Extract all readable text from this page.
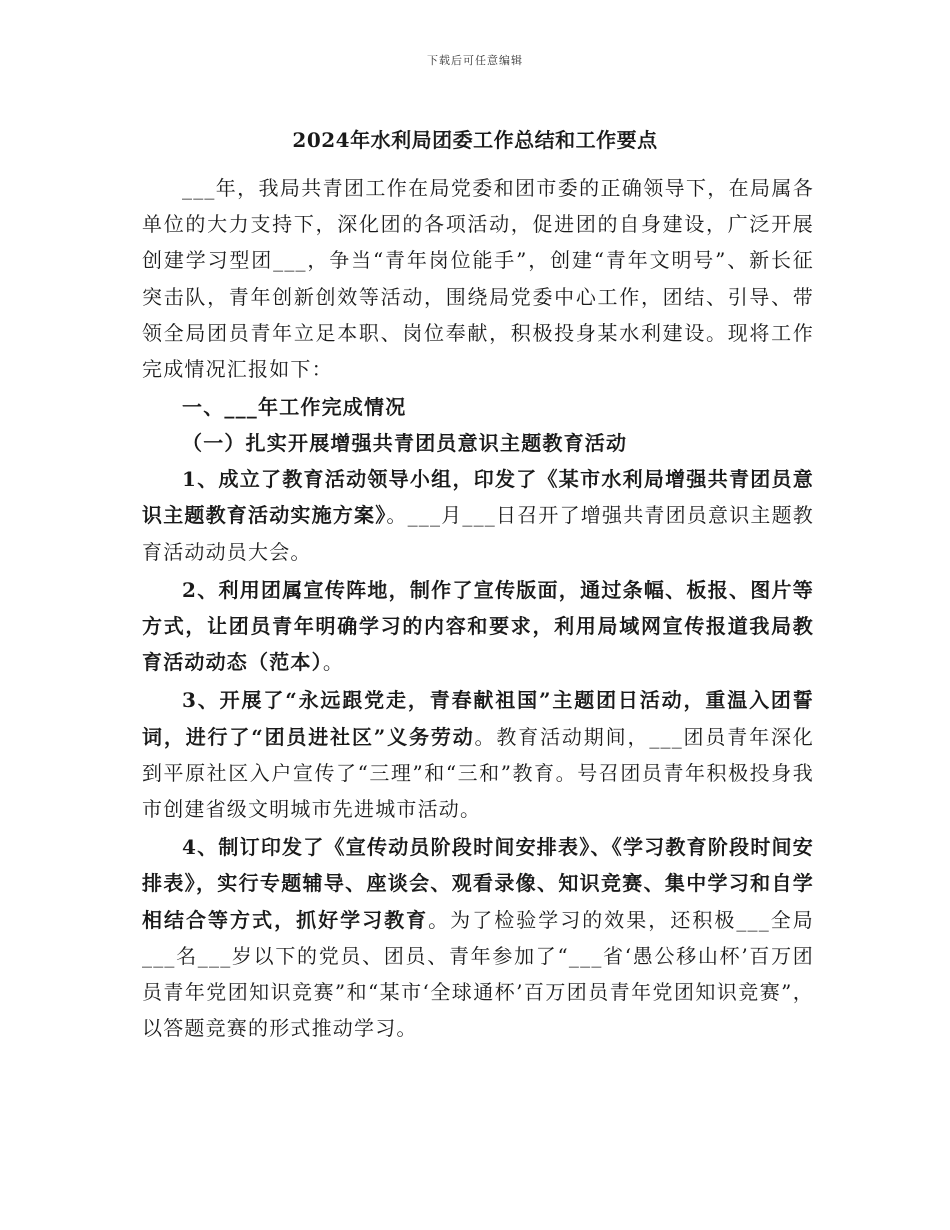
下载后可任意编辑
2024年水利局团委工作总结和工作要点

___年，我局共青团工作在局党委和团市委的正确领导下，在局属各单位的大力支持下，深化团的各项活动，促进团的自身建设，广泛开展创建学习型团___，争当“青年岗位能手”，创建“青年文明号”、新长征突击队，青年创新创效等活动，围绕局党委中心工作，团结、引导、带领全局团员青年立足本职、岗位奉献，积极投身某水利建设。现将工作完成情况汇报如下：

一、___年工作完成情况

（一）扎实开展增强共青团员意识主题教育活动

1、成立了教育活动领导小组，印发了《某市水利局增强共青团员意识主题教育活动实施方案》。___月___日召开了增强共青团员意识主题教育活动动员大会。

2、利用团属宣传阵地，制作了宣传版面，通过条幅、板报、图片等方式，让团员青年明确学习的内容和要求，利用局域网宣传报道我局教育活动动态（范本）。

3、开展了“永远跟党走，青春献祖国”主题团日活动，重温入团誓词，进行了“团员进社区”义务劳动。教育活动期间，___团员青年深化到平原社区入户宣传了“三理”和“三和”教育。号召团员青年积极投身我市创建省级文明城市先进城市活动。

4、制订印发了《宣传动员阶段时间安排表》、《学习教育阶段时间安排表》，实行专题辅导、座谈会、观看录像、知识竞赛、集中学习和自学相结合等方式，抓好学习教育。为了检验学习的效果，还积极___全局___名___岁以下的党员、团员、青年参加了“___省‘愚公移山杯’百万团员青年党团知识竞赛”和“某市‘全球通杯’百万团员青年党团知识竞赛”，以答题竞赛的形式推动学习。
